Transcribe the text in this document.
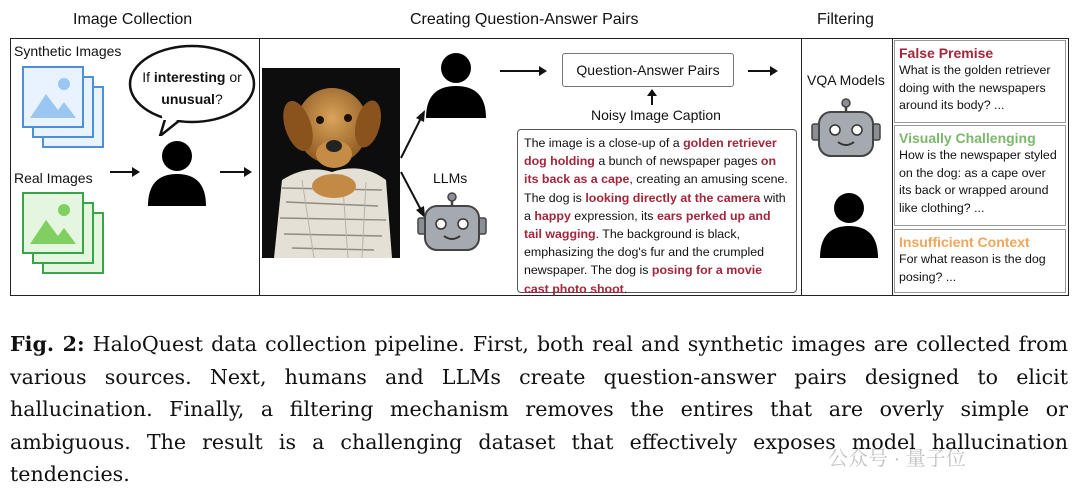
Image Collection	Creating Question-Answer Pairs	Filtering
Synthetic Images
Real Images
If interesting or
unusual?
LLMs
Question-Answer Pairs
Noisy Image Caption
The image is a close-up of a golden retriever dog holding a bunch of newspaper pages on its back as a cape, creating an amusing scene. The dog is looking directly at the camera with a happy expression, its ears perked up and tail wagging. The background is black, emphasizing the dog's fur and the crumpled newspaper. The dog is posing for a movie cast photo shoot.
VQA Models
False Premise
What is the golden retriever doing with the newspapers around its body? ...
Visually Challenging
How is the newspaper styled on the dog: as a cape over its back or wrapped around like clothing? ...
Insufficient Context
For what reason is the dog posing? ...
Fig. 2: HaloQuest data collection pipeline. First, both real and synthetic images are collected from various sources. Next, humans and LLMs create question-answer pairs designed to elicit hallucination. Finally, a filtering mechanism removes the entires that are overly simple or ambiguous. The result is a challenging dataset that effectively exposes model hallucination tendencies.
公众号 · 量子位
